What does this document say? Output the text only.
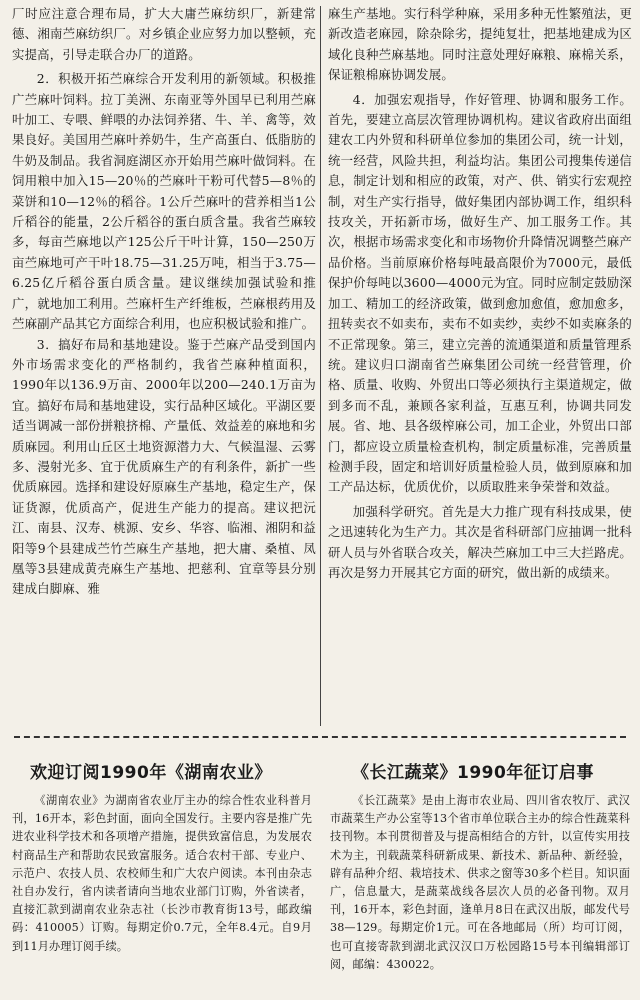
厂时应注意合理布局，扩大大庸苎麻纺织厂，新建常德、湘南苎麻纺织厂。对乡镇企业应努力加以整顿，充实提高，引导走联合办厂的道路。

2．积极开拓苎麻综合开发利用的新领域。积极推广苎麻叶饲料。拉丁美洲、东南亚等外国早已利用苎麻叶加工、专喂、鲜喂的办法饲养猪、牛、羊、禽等，效果良好。美国用苎麻叶养奶牛，生产高蛋白、低脂肪的牛奶及制品。我省洞庭湖区亦开始用苎麻叶做饲料。在饲用粮中加入15—20％的苎麻叶干粉可代替5—8％的菜饼和10—12％的稻谷。1公斤苎麻叶的营养相当1公斤稻谷的能量，2公斤稻谷的蛋白质含量。我省苎麻较多，每亩苎麻地以产125公斤干叶计算，150—250万亩苎麻地可产干叶18.75—31.25万吨，相当于3.75—6.25亿斤稻谷蛋白质含量。建议继续加强试验和推广，就地加工利用。苎麻杆生产纤维板，苎麻根药用及苎麻副产品其它方面综合利用，也应积极试验和推广。

3．搞好布局和基地建设。鉴于苎麻产品受到国内外市场需求变化的严格制约，我省苎麻种植面积，1990年以136.9万亩、2000年以200—240.1万亩为宜。搞好布局和基地建设，实行品种区域化。平湖区要适当调减一部份拼粮挤棉、产量低、效益差的麻地和劣质麻园。利用山丘区土地资源潜力大、气候温湿、云雾多、漫射光多、宜于优质麻生产的有利条件，新扩一些优质麻园。选择和建设好原麻生产基地，稳定生产，保证货源，优质高产，促进生产能力的提高。建议把沅江、南县、汉寿、桃源、安乡、华容、临湘、湘阴和益阳等9个县建成苎竹苎麻生产基地，把大庸、桑植、凤凰等3县建成黄壳麻生产基地、把慈利、宜章等县分别建成白脚麻、雅

麻生产基地。实行科学种麻，采用多种无性繁殖法，更新改造老麻园，除杂除劣，提纯复壮，把基地建成为区域化良种苎麻基地。同时注意处理好麻粮、麻棉关系，保证粮棉麻协调发展。

4．加强宏观指导，作好管理、协调和服务工作。首先，要建立高层次管理协调机构。建议省政府出面组建农工内外贸和科研单位参加的集团公司，统一计划，统一经营，风险共担，利益均沾。集团公司搜集传递信息，制定计划和相应的政策，对产、供、销实行宏观控制，对生产实行指导，做好集团内部协调工作，组织科技攻关，开拓新市场，做好生产、加工服务工作。其次，根据市场需求变化和市场物价升降情况调整苎麻产品价格。当前原麻价格每吨最高限价为7000元，最低保护价每吨以3600—4000元为宜。同时应制定鼓励深加工、精加工的经济政策，做到愈加愈值，愈加愈多，扭转卖衣不如卖布，卖布不如卖纱，卖纱不如卖麻条的不正常现象。第三，建立完善的流通渠道和质量管理系统。建议归口湖南省苎麻集团公司统一经营管理，价格、质量、收购、外贸出口等必须执行主渠道规定，做到多而不乱，兼顾各家利益，互惠互利，协调共同发展。省、地、县各级榨麻公司，加工企业，外贸出口部门，都应设立质量检查机构，制定质量标准，完善质量检测手段，固定和培训好质量检验人员，做到原麻和加工产品达标，优质优价，以质取胜来争荣誉和效益。

加强科学研究。首先是大力推广现有科技成果，使之迅速转化为生产力。其次是省科研部门应抽调一批科研人员与外省联合攻关，解决苎麻加工中三大拦路虎。再次是努力开展其它方面的研究，做出新的成绩来。

欢迎订阅1990年《湖南农业》

《湖南农业》为湖南省农业厅主办的综合性农业科普月刊，16开本，彩色封面，面向全国发行。主要内容是推广先进农业科学技术和各项增产措施，提供致富信息，为发展农村商品生产和帮助农民致富服务。适合农村干部、专业户、示范户、农技人员、农校师生和广大农户阅读。本刊由杂志社自办发行，省内读者请向当地农业部门订购，外省读者，直接汇款到湖南农业杂志社（长沙市教育街13号，邮政编码：410005）订购。每期定价0.7元，全年8.4元。自9月到11月办理订阅手续。

《长江蔬菜》1990年征订启事

《长江蔬菜》是由上海市农业局、四川省农牧厅、武汉市蔬菜生产办公室等13个省市单位联合主办的综合性蔬菜科技刊物。本刊贯彻普及与提高相结合的方针，以宣传实用技术为主，刊载蔬菜科研新成果、新技术、新品种、新经验，辟有品种介绍、栽培技术、供求之窗等30多个栏目。知识面广，信息量大，是蔬菜战线各层次人员的必备刊物。双月刊，16开本，彩色封面，逢单月8日在武汉出版，邮发代号38—129。每期定价1元。可在各地邮局（所）均可订阅，也可直接寄款到湖北武汉汉口万松园路15号本刊编辑部订阅，邮编：430022。
